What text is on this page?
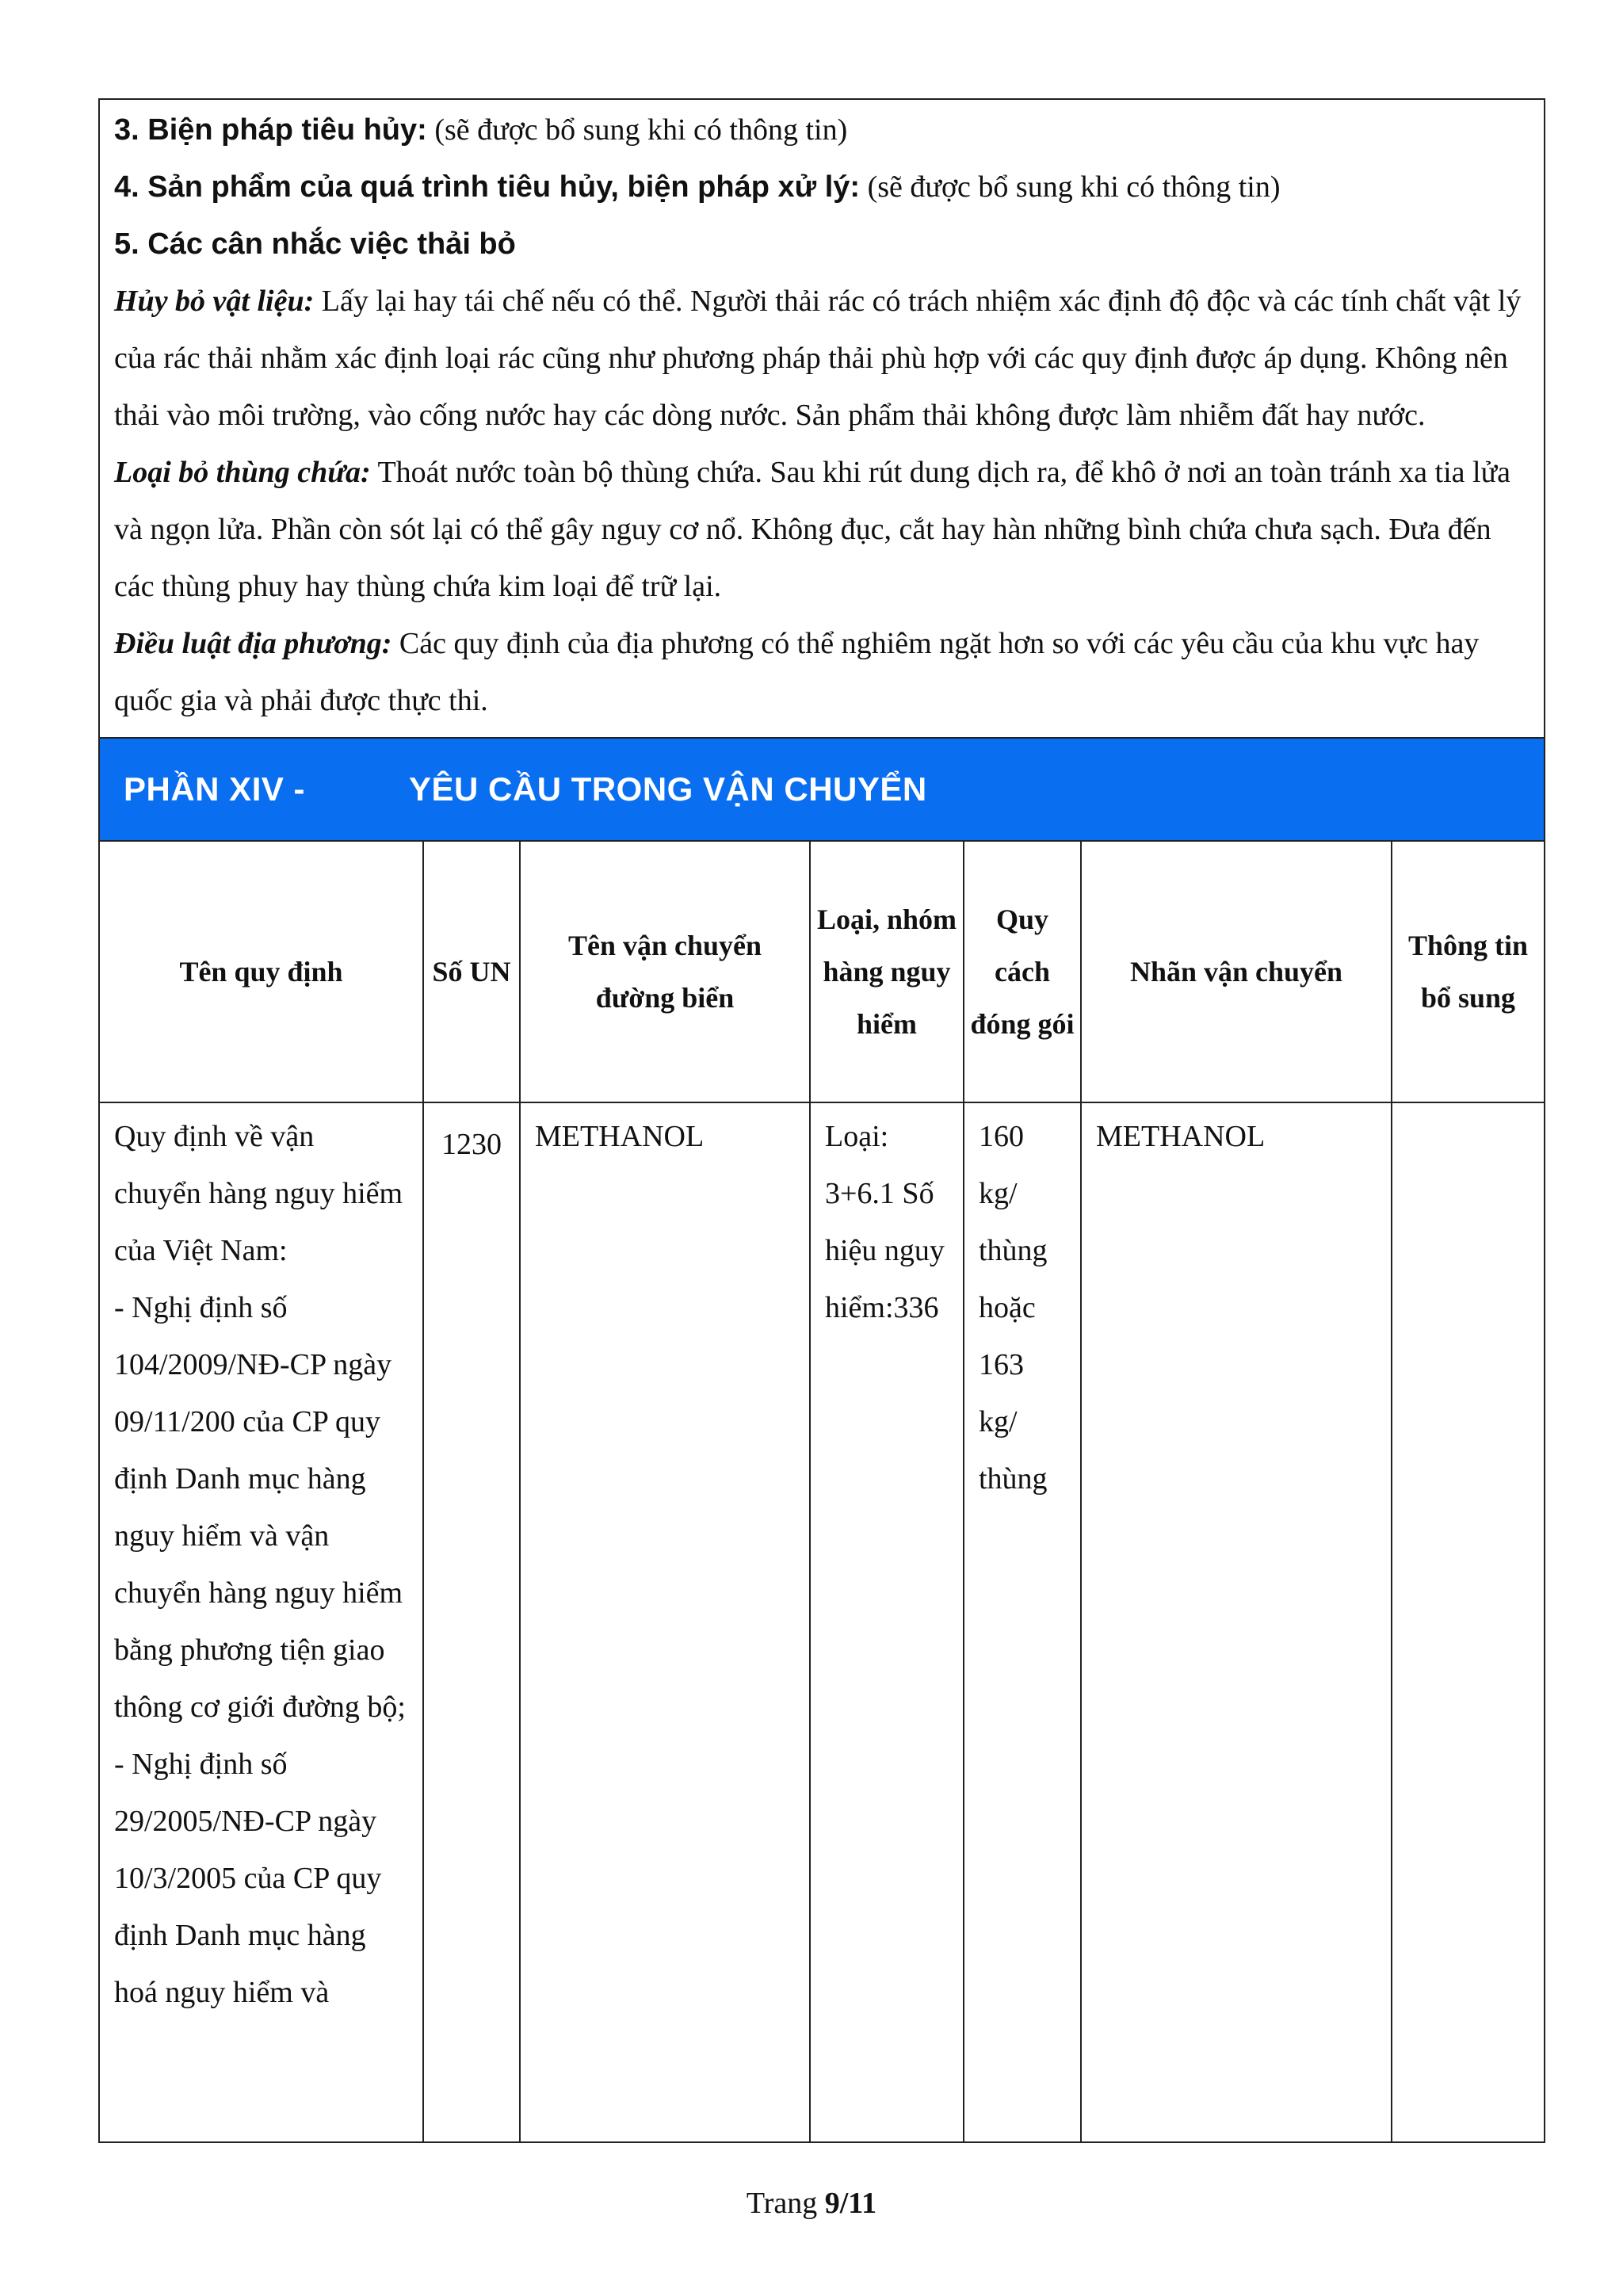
3. Biện pháp tiêu hủy: (sẽ được bổ sung khi có thông tin)

4. Sản phẩm của quá trình tiêu hủy, biện pháp xử lý: (sẽ được bổ sung khi có thông tin)

5. Các cân nhắc việc thải bỏ

Hủy bỏ vật liệu: Lấy lại hay tái chế nếu có thể. Người thải rác có trách nhiệm xác định độ độc và các tính chất vật lý của rác thải nhằm xác định loại rác cũng như phương pháp thải phù hợp với các quy định được áp dụng. Không nên thải vào môi trường, vào cống nước hay các dòng nước. Sản phẩm thải không được làm nhiễm đất hay nước.

Loại bỏ thùng chứa: Thoát nước toàn bộ thùng chứa. Sau khi rút dung dịch ra, để khô ở nơi an toàn tránh xa tia lửa và ngọn lửa. Phần còn sót lại có thể gây nguy cơ nổ. Không đục, cắt hay hàn những bình chứa chưa sạch. Đưa đến các thùng phuy hay thùng chứa kim loại để trữ lại.

Điều luật địa phương: Các quy định của địa phương có thể nghiêm ngặt hơn so với các yêu cầu của khu vực hay quốc gia và phải được thực thi.

PHẦN XIV -	YÊU CẦU TRONG VẬN CHUYỂN
Tên quy định	Số UN	Tên vận chuyển đường biển	Loại, nhóm hàng nguy hiểm	Quy cách đóng gói	Nhãn vận chuyển	Thông tin bổ sung
Quy định về vận chuyển hàng nguy hiểm của Việt Nam:
- Nghị định số 104/2009/NĐ-CP ngày 09/11/200 của CP quy định Danh mục hàng nguy hiểm và vận chuyển hàng nguy hiểm bằng phương tiện giao thông cơ giới đường bộ;
- Nghị định số 29/2005/NĐ-CP ngày 10/3/2005 của CP quy định Danh mục hàng hoá nguy hiểm và	1230	METHANOL	Loại: 3+6.1 Số hiệu nguy hiểm:336	160 kg/ thùng hoặc 163 kg/ thùng	METHANOL	
Trang 9/11
